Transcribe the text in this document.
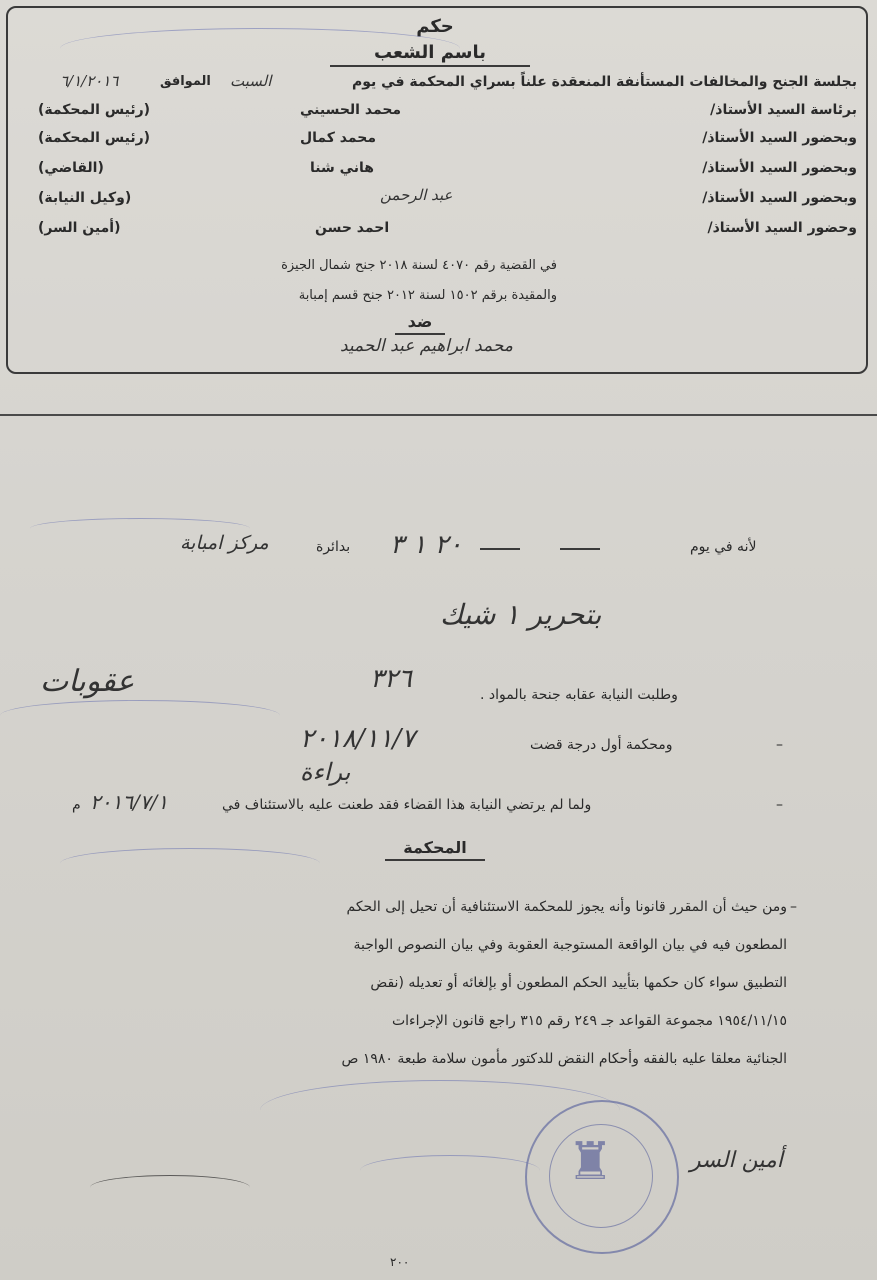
حكم
باسم الشعب
بجلسة الجنح والمخالفات المستأنفة المنعقدة علناً بسراي المحكمة في يوم
السبت
الموافق
٦/١/٢٠١٦
برئاسة السيد الأستاذ/
محمد الحسيني
(رئيس المحكمة)
وبحضور السيد الأستاذ/
محمد كمال
(رئيس المحكمة)
وبحضور السيد الأستاذ/
هاني شنا
(القاضي)
وبحضور السيد الأستاذ/
عبد الرحمن
(وكيل النيابة)
وحضور السيد الأستاذ/
احمد حسن
(أمين السر)
في القضية رقم ٤٠٧٠ لسنة ٢٠١٨ جنح شمال الجيزة
والمقيدة برقم ١٥٠٢ لسنة ٢٠١٢ جنح قسم إمبابة
ضد
محمد ابراهيم عبد الحميد
لأنه في يوم
٢٠ ١ ٣
بدائرة
مركز امبابة
بتحرير ١ شيك
وطلبت النيابة عقابه جنحة بالمواد .
٣٢٦
عقوبات
ومحكمة أول درجة قضت
٢٠١٨/١١/٧
براءة
ولما لم يرتضي النيابة هذا القضاء فقد طعنت عليه بالاستئناف في
٢٠١٦/٧/١
م
المحكمة
ومن حيث أن المقرر قانونا وأنه يجوز للمحكمة الاستئنافية أن تحيل إلى الحكم
المطعون فيه في بيان الواقعة المستوجبة العقوبة وفي بيان النصوص الواجبة
التطبيق سواء كان حكمها بتأييد الحكم المطعون أو بإلغائه أو تعديله (نقض
١٩٥٤/١١/١٥ مجموعة القواعد جـ ٢٤٩ رقم ٣١٥ راجع قانون الإجراءات
الجنائية معلقا عليه بالفقه وأحكام النقض للدكتور مأمون سلامة طبعة ١٩٨٠ ص
–
–
–
♜	أمين السر
٢٠٠
